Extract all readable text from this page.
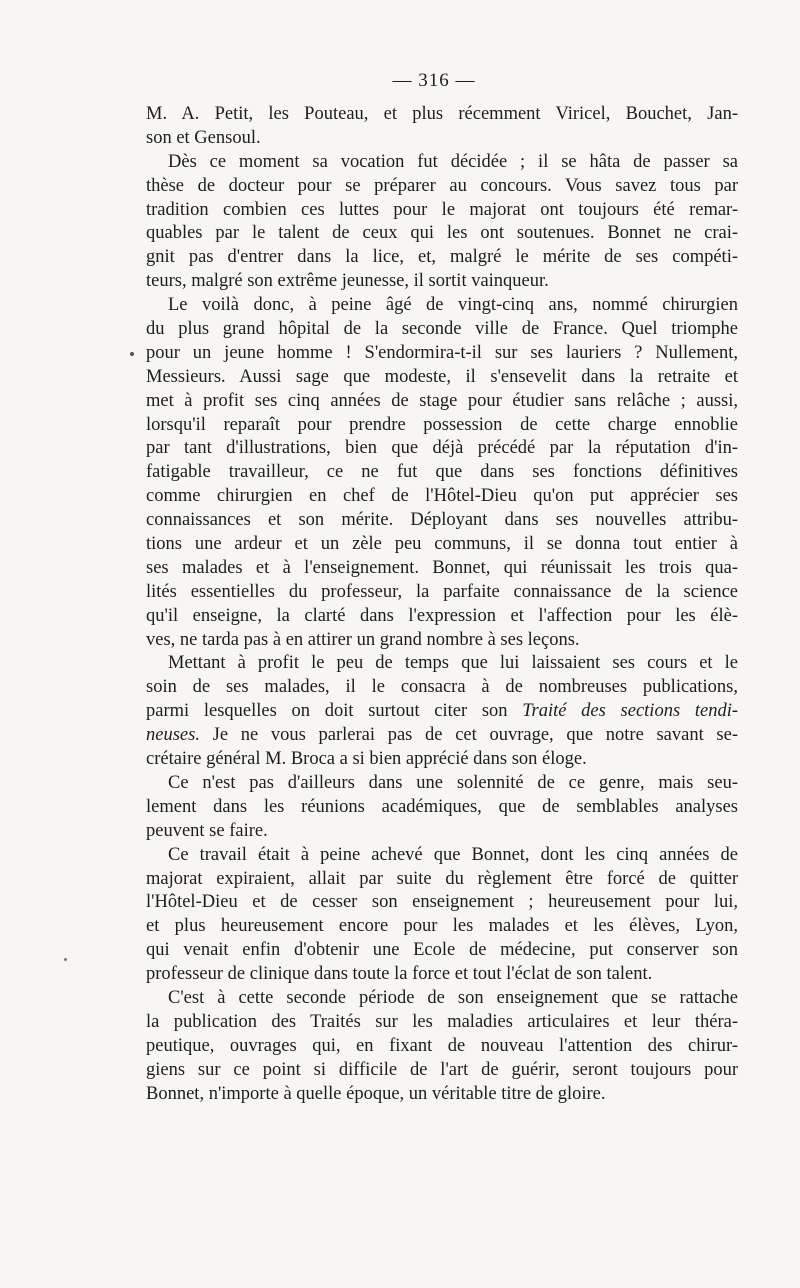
— 316 —
M. A. Petit, les Pouteau, et plus récemment Viricel, Bouchet, Jan-
son et Gensoul.
Dès ce moment sa vocation fut décidée ; il se hâta de passer sa
thèse de docteur pour se préparer au concours. Vous savez tous par
tradition combien ces luttes pour le majorat ont toujours été remar-
quables par le talent de ceux qui les ont soutenues. Bonnet ne crai-
gnit pas d'entrer dans la lice, et, malgré le mérite de ses compéti-
teurs, malgré son extrême jeunesse, il sortit vainqueur.
Le voilà donc, à peine âgé de vingt-cinq ans, nommé chirurgien
du plus grand hôpital de la seconde ville de France. Quel triomphe
pour un jeune homme ! S'endormira-t-il sur ses lauriers ? Nullement,
Messieurs. Aussi sage que modeste, il s'ensevelit dans la retraite et
met à profit ses cinq années de stage pour étudier sans relâche ; aussi,
lorsqu'il reparaît pour prendre possession de cette charge ennoblie
par tant d'illustrations, bien que déjà précédé par la réputation d'in-
fatigable travailleur, ce ne fut que dans ses fonctions définitives
comme chirurgien en chef de l'Hôtel-Dieu qu'on put apprécier ses
connaissances et son mérite. Déployant dans ses nouvelles attribu-
tions une ardeur et un zèle peu communs, il se donna tout entier à
ses malades et à l'enseignement. Bonnet, qui réunissait les trois qua-
lités essentielles du professeur, la parfaite connaissance de la science
qu'il enseigne, la clarté dans l'expression et l'affection pour les élè-
ves, ne tarda pas à en attirer un grand nombre à ses leçons.
Mettant à profit le peu de temps que lui laissaient ses cours et le
soin de ses malades, il le consacra à de nombreuses publications,
parmi lesquelles on doit surtout citer son Traité des sections tendi-
neuses. Je ne vous parlerai pas de cet ouvrage, que notre savant se-
crétaire général M. Broca a si bien apprécié dans son éloge.
Ce n'est pas d'ailleurs dans une solennité de ce genre, mais seu-
lement dans les réunions académiques, que de semblables analyses
peuvent se faire.
Ce travail était à peine achevé que Bonnet, dont les cinq années de
majorat expiraient, allait par suite du règlement être forcé de quitter
l'Hôtel-Dieu et de cesser son enseignement ; heureusement pour lui,
et plus heureusement encore pour les malades et les élèves, Lyon,
qui venait enfin d'obtenir une Ecole de médecine, put conserver son
professeur de clinique dans toute la force et tout l'éclat de son talent.
C'est à cette seconde période de son enseignement que se rattache
la publication des Traités sur les maladies articulaires et leur théra-
peutique, ouvrages qui, en fixant de nouveau l'attention des chirur-
giens sur ce point si difficile de l'art de guérir, seront toujours pour
Bonnet, n'importe à quelle époque, un véritable titre de gloire.
